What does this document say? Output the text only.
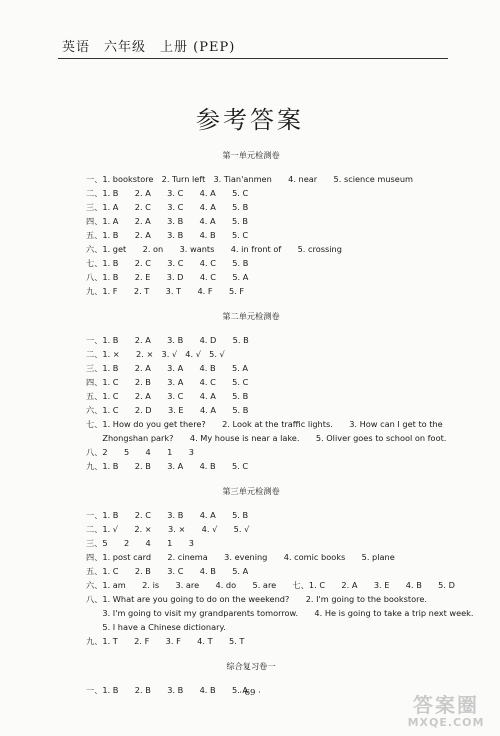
英语　六年级　上册 (PEP)
参考答案
第一单元检测卷
一、1. bookstore　2. Turn left　3. Tian'anmen　　4. near　　5. science museum
二、1. B　　2. A　　3. C　　4. A　　5. C
三、1. A　　2. C　　3. C　　4. A　　5. B
四、1. A　　2. A　　3. B　　4. A　　5. B
五、1. B　　2. A　　3. B　　4. B　　5. C
六、1. get　　2. on　　3. wants　　4. in front of　　5. crossing
七、1. B　　2. C　　3. C　　4. C　　5. B
八、1. B　　2. E　　3. D　　4. C　　5. A
九、1. F　　2. T　　3. T　　4. F　　5. F
第二单元检测卷
一、1. B　　2. A　　3. B　　4. D　　5. B
二、1. ×　　2. ×　3. √　4. √　5. √
三、1. B　　2. A　　3. A　　4. B　　5. A
四、1. C　　2. B　　3. A　　4. C　　5. C
五、1. C　　2. A　　3. C　　4. A　　5. B
六、1. C　　2. D　　3. E　　4. A　　5. B
七、1. How do you get there?　　2. Look at the traffic lights.　　3. How can I get to the
　　Zhongshan park?　　4. My house is near a lake.　　5. Oliver goes to school on foot.
八、2　　5　　4　　1　　3
九、1. B　　2. B　　3. A　　4. B　　5. C
第三单元检测卷
一、1. B　　2. C　　3. B　　4. A　　5. B
二、1. √　　2. ×　　3. ×　　4. √　　5. √
三、5　　2　　4　　1　　3
四、1. post card　　2. cinema　　3. evening　　4. comic books　　5. plane
五、1. C　　2. B　　3. C　　4. B　　5. A
六、1. am　　2. is　　3. are　　4. do　　5. are　　七、1. C　　2. A　　3. E　　4. B　　5. D
八、1. What are you going to do on the weekend?　　2. I'm going to the bookstore.
　　3. I'm going to visit my grandparents tomorrow.　　4. He is going to take a trip next week.
　　5. I have a Chinese dictionary.
九、1. T　　2. F　　3. F　　4. T　　5. T
综合复习卷一
一、1. B　　2. B　　3. B　　4. B　　5. A
· 69 ·	答案圈
MXQE.COM
